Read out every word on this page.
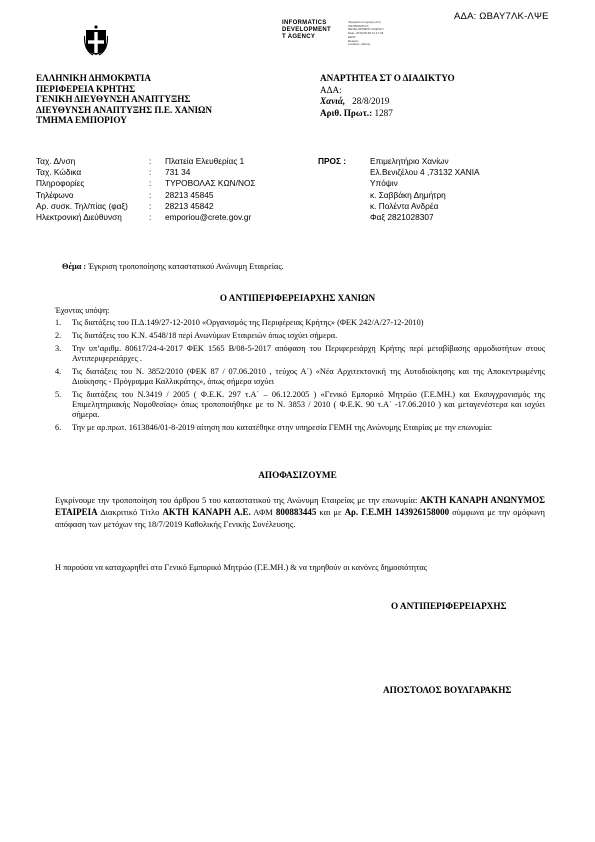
ΑΔΑ: ΩΒΑΥ7ΛΚ-ΛΨΕ
INFORMATICS
DEVELOPMENT
T AGENCY
Ψηφιακά υπογραφή από
INFORMATICS
DEVELOPMENT AGENCY
Date: 2019.08.28 11:17:43
EEST
Reason:
Location: Athens
ΕΛΛΗΝΙΚΗ ΔΗΜΟΚΡΑΤΙΑ
ΠΕΡΙΦΕΡΕΙΑ ΚΡΗΤΗΣ
ΓΕΝΙΚΗ ΔΙΕΥΘΥΝΣΗ ΑΝΑΠΤΥΞΗΣ
ΔΙΕΥΘΥΝΣΗ ΑΝΑΠΤΥΞΗΣ Π.Ε. ΧΑΝΙΩΝ
ΤΜΗΜΑ ΕΜΠΟΡΙΟΥ
ΑΝΑΡΤΗΤΕΑ ΣΤ Ο ΔΙΑΔΙΚΤΥΟ
ΑΔΑ:
Χανιά, 28/8/2019
Αριθ. Πρωτ.: 1287
Ταχ. Δ/νση	:	Πλατεία Ελευθερίας 1
Ταχ. Κώδικα	:	731 34
Πληροφορίες	:	ΤΥΡΟΒΟΛΑΣ ΚΩΝ/ΝΟΣ
Τηλέφωνο	:	28213 45845
Αρ. συσκ. Τηλ/πίας (φαξ)	:	28213 45842
Ηλεκτρονική Διεύθυνση	:	emporiou@crete.gov.gr
ΠΡΟΣ :	Επιμελητήριο Χανίων
Ελ.Βενιζέλου 4 ,73132 ΧΑΝΙΑ
Υπόψιν
κ. Σαββάκη Δημήτρη
κ. Πολέντα Ανδρέα
Φαξ 2821028307
Θέμα : Έγκριση τροποποίησης καταστατικού Ανώνυμη Εταιρείας.
Ο ΑΝΤΙΠΕΡΙΦΕΡΕΙΑΡΧΗΣ ΧΑΝΙΩΝ
Έχοντας υπόψη:
1.	Τις διατάξεις του Π.Δ.149/27-12-2010 «Οργανισμός της Περιφέρειας Κρήτης» (ΦΕΚ 242/Α/27-12-2010)
2.	Τις διατάξεις του Κ.Ν. 4548/18 περί Ανωνύμων Εταιρειών όπως ισχύει σήμερα.
3.	Την υπ’αριθμ. 80617/24-4-2017 ΦΕΚ 1565 Β/08-5-2017 απόφαση του Περιφερειάρχη Κρήτης περί μεταβίβασης αρμοδιοτήτων στους Αντιπεριφερειάρχες .
4.	Τις διατάξεις του Ν. 3852/2010 (ΦΕΚ 87 / 07.06.2010 , τεύχος Α΄) «Νέα Αρχιτεκτονική της Αυτοδιοίκησης και της Αποκεντρωμένης Διοίκησης - Πρόγραμμα Καλλικράτης», όπως σήμερα ισχύει
5.	Τις διατάξεις του Ν.3419 / 2005 ( Φ.Ε.Κ. 297 τ.Α΄ – 06.12.2005 ) «Γενικό Εμπορικό Μητρώο (Γ.Ε.ΜΗ.) και Εκσυγχρονισμός της Επιμελητηριακής Νομοθεσίας» όπως τροποποιήθηκε με το Ν. 3853 / 2010 ( Φ.Ε.Κ. 90 τ.Α΄ -17.06.2010 ) και μεταγενέστερα και ισχύει σήμερα.
6.	Την με αρ.πρωτ. 1613846/01-8-2019 αίτηση που κατατέθηκε στην υπηρεσία ΓΕΜΗ της Ανώνυμης Εταιρίας με την επωνυμία:
ΑΠΟΦΑΣΙΖΟΥΜΕ
Εγκρίνουμε την τροποποίηση του άρθρου 5 του καταστατικού της Ανώνυμη Εταιρείας με την επωνυμία: ΑΚΤΗ ΚΑΝΑΡΗ ΑΝΩΝΥΜΟΣ ΕΤΑΙΡΕΙΑ Διακριτικό Τίτλο ΑΚΤΗ ΚΑΝΑΡΗ Α.Ε. ΑΦΜ 800883445 και με Αρ. Γ.Ε.ΜΗ 143926158000 σύμφωνα με την ομόφωνη απόφαση των μετόχων της 18/7/2019 Καθολικής Γενικής Συνέλευσης.
Η παρούσα να καταχωρηθεί στο Γενικό Εμπορικό Μητρώο (Γ.Ε.ΜΗ.) & να τηρηθούν οι κανόνες δημοσιότητας
Ο ΑΝΤΙΠΕΡΙΦΕΡΕΙΑΡΧΗΣ
ΑΠΟΣΤΟΛΟΣ ΒΟΥΛΓΑΡΑΚΗΣ
